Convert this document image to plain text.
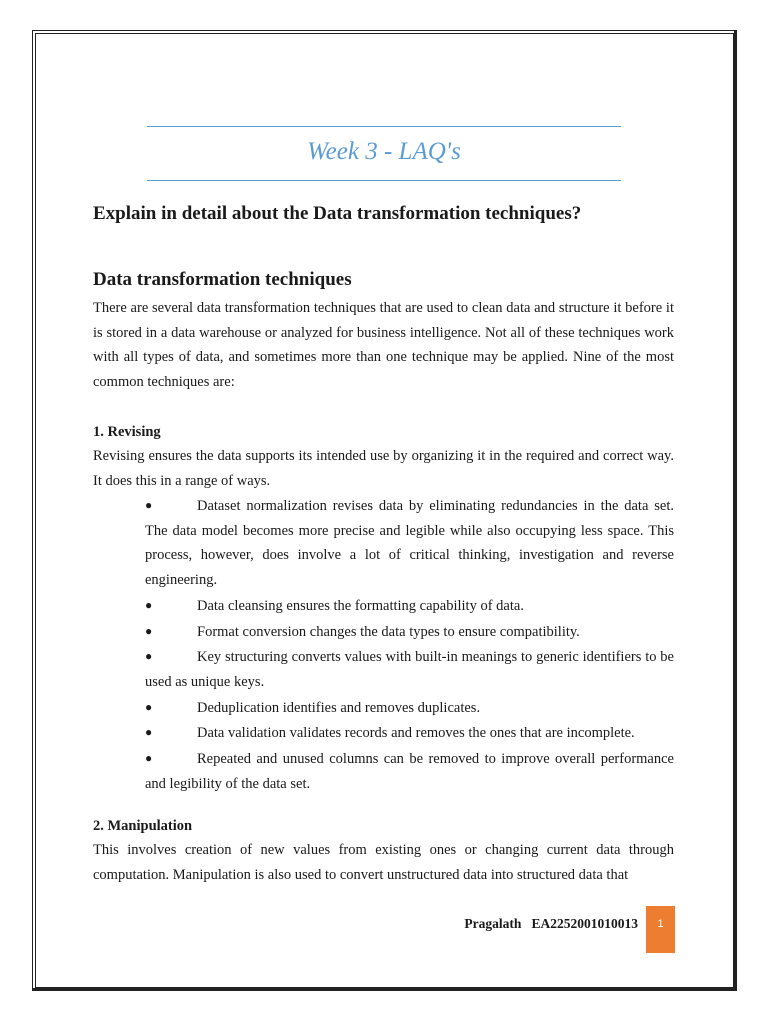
Week 3 - LAQ's
Explain in detail about the Data transformation techniques?
Data transformation techniques
There are several data transformation techniques that are used to clean data and structure it before it is stored in a data warehouse or analyzed for business intelligence. Not all of these techniques work with all types of data, and sometimes more than one technique may be applied. Nine of the most common techniques are:
1. Revising
Revising ensures the data supports its intended use by organizing it in the required and correct way. It does this in a range of ways.
●	Dataset normalization revises data by eliminating redundancies in the data set. The data model becomes more precise and legible while also occupying less space. This process, however, does involve a lot of critical thinking, investigation and reverse engineering.
●	Data cleansing ensures the formatting capability of data.
●	Format conversion changes the data types to ensure compatibility.
●	Key structuring converts values with built-in meanings to generic identifiers to be used as unique keys.
●	Deduplication identifies and removes duplicates.
●	Data validation validates records and removes the ones that are incomplete.
●	Repeated and unused columns can be removed to improve overall performance and legibility of the data set.
2. Manipulation
This involves creation of new values from existing ones or changing current data through computation. Manipulation is also used to convert unstructured data into structured data that
Pragalath EA2252001010013	1
